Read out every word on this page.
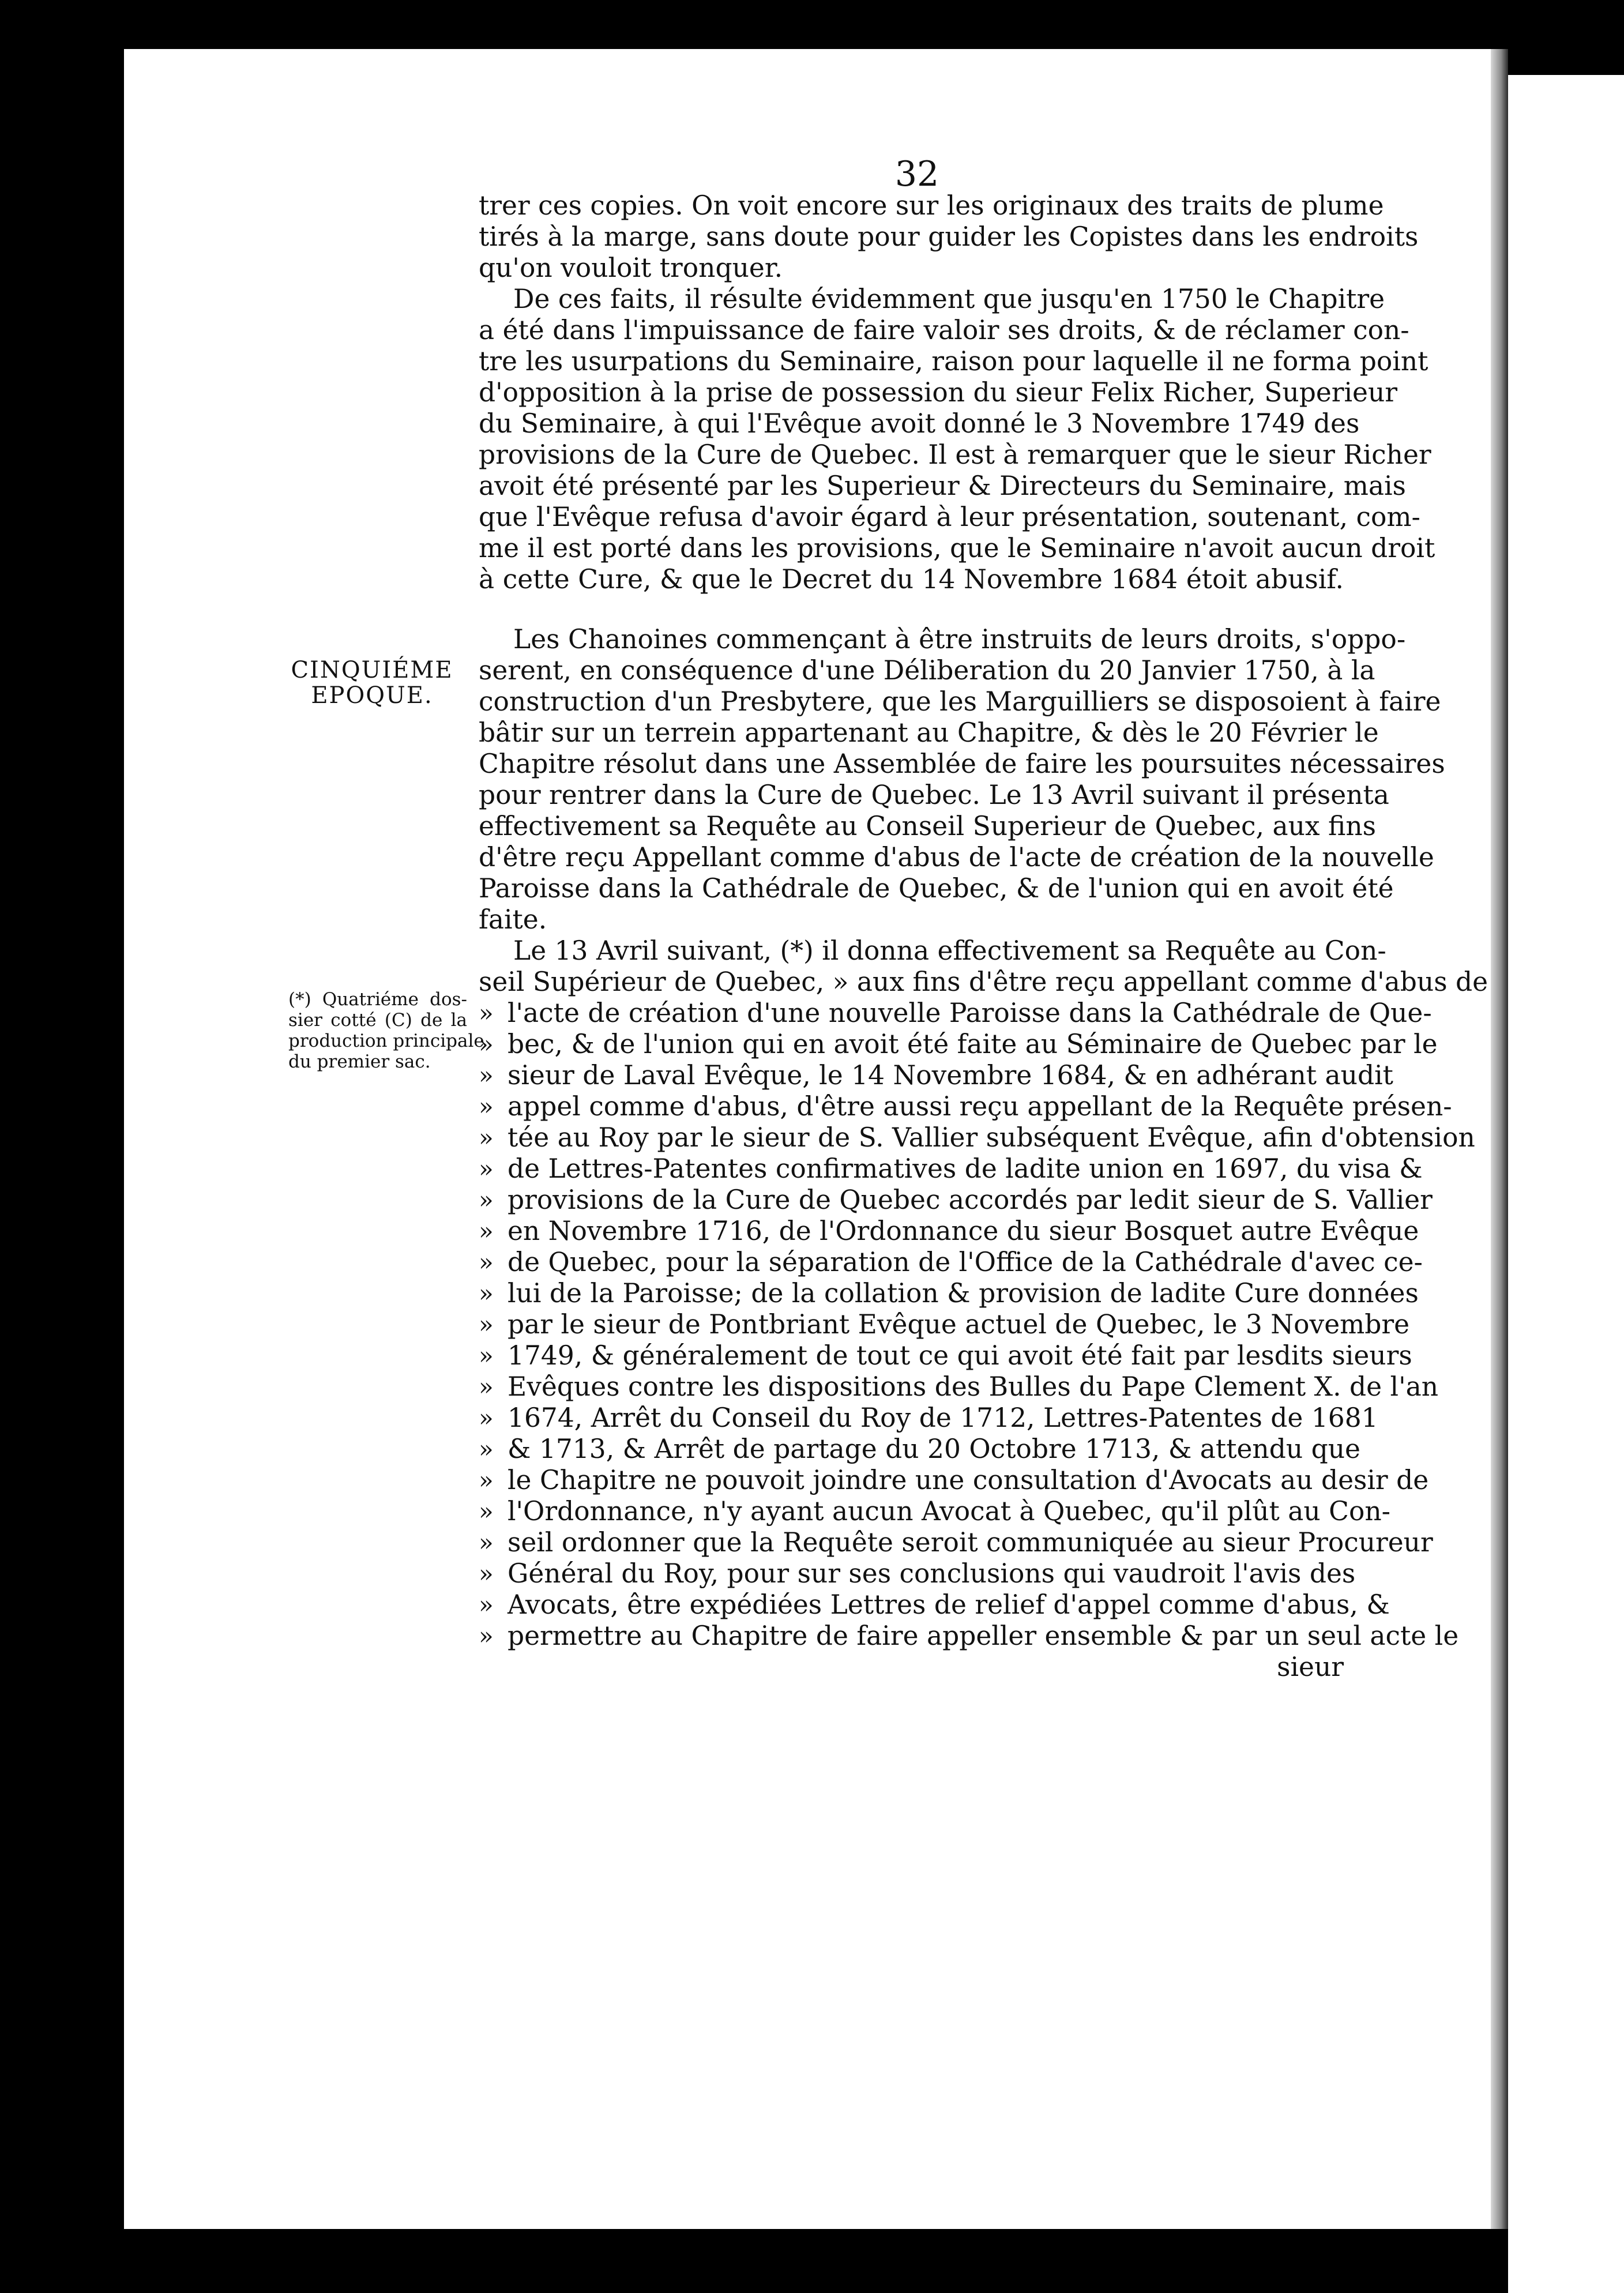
32
CINQUIÉME
EPOQUE.
(*) Quatriéme dos-
sier cotté (C) de la
production principale
du premier sac.
trer ces copies. On voit encore sur les originaux des traits de plume
tirés à la marge, sans doute pour guider les Copistes dans les endroits
qu'on vouloit tronquer.
De ces faits, il résulte évidemment que jusqu'en 1750 le Chapitre
a été dans l'impuissance de faire valoir ses droits, & de réclamer con-
tre les usurpations du Seminaire, raison pour laquelle il ne forma point
d'opposition à la prise de possession du sieur Felix Richer, Superieur
du Seminaire, à qui l'Evêque avoit donné le 3 Novembre 1749 des
provisions de la Cure de Quebec. Il est à remarquer que le sieur Richer
avoit été présenté par les Superieur & Directeurs du Seminaire, mais
que l'Evêque refusa d'avoir égard à leur présentation, soutenant, com-
me il est porté dans les provisions, que le Seminaire n'avoit aucun droit
à cette Cure, & que le Decret du 14 Novembre 1684 étoit abusif.
Les Chanoines commençant à être instruits de leurs droits, s'oppo-
serent, en conséquence d'une Déliberation du 20 Janvier 1750, à la
construction d'un Presbytere, que les Marguilliers se disposoient à faire
bâtir sur un terrein appartenant au Chapitre, & dès le 20 Février le
Chapitre résolut dans une Assemblée de faire les poursuites nécessaires
pour rentrer dans la Cure de Quebec. Le 13 Avril suivant il présenta
effectivement sa Requête au Conseil Superieur de Quebec, aux fins
d'être reçu Appellant comme d'abus de l'acte de création de la nouvelle
Paroisse dans la Cathédrale de Quebec, & de l'union qui en avoit été
faite.
Le 13 Avril suivant, (*) il donna effectivement sa Requête au Con-
seil Supérieur de Quebec, » aux fins d'être reçu appellant comme d'abus de
» l'acte de création d'une nouvelle Paroisse dans la Cathédrale de Que-
» bec, & de l'union qui en avoit été faite au Séminaire de Quebec par le
» sieur de Laval Evêque, le 14 Novembre 1684, & en adhérant audit
» appel comme d'abus, d'être aussi reçu appellant de la Requête présen-
» tée au Roy par le sieur de S. Vallier subséquent Evêque, afin d'obtension
» de Lettres-Patentes confirmatives de ladite union en 1697, du visa &
» provisions de la Cure de Quebec accordés par ledit sieur de S. Vallier
» en Novembre 1716, de l'Ordonnance du sieur Bosquet autre Evêque
» de Quebec, pour la séparation de l'Office de la Cathédrale d'avec ce-
» lui de la Paroisse; de la collation & provision de ladite Cure données
» par le sieur de Pontbriant Evêque actuel de Quebec, le 3 Novembre
» 1749, & généralement de tout ce qui avoit été fait par lesdits sieurs
» Evêques contre les dispositions des Bulles du Pape Clement X. de l'an
» 1674, Arrêt du Conseil du Roy de 1712, Lettres-Patentes de 1681
» & 1713, & Arrêt de partage du 20 Octobre 1713, & attendu que
» le Chapitre ne pouvoit joindre une consultation d'Avocats au desir de
» l'Ordonnance, n'y ayant aucun Avocat à Quebec, qu'il plût au Con-
» seil ordonner que la Requête seroit communiquée au sieur Procureur
» Général du Roy, pour sur ses conclusions qui vaudroit l'avis des
» Avocats, être expédiées Lettres de relief d'appel comme d'abus, &
» permettre au Chapitre de faire appeller ensemble & par un seul acte le
sieur
